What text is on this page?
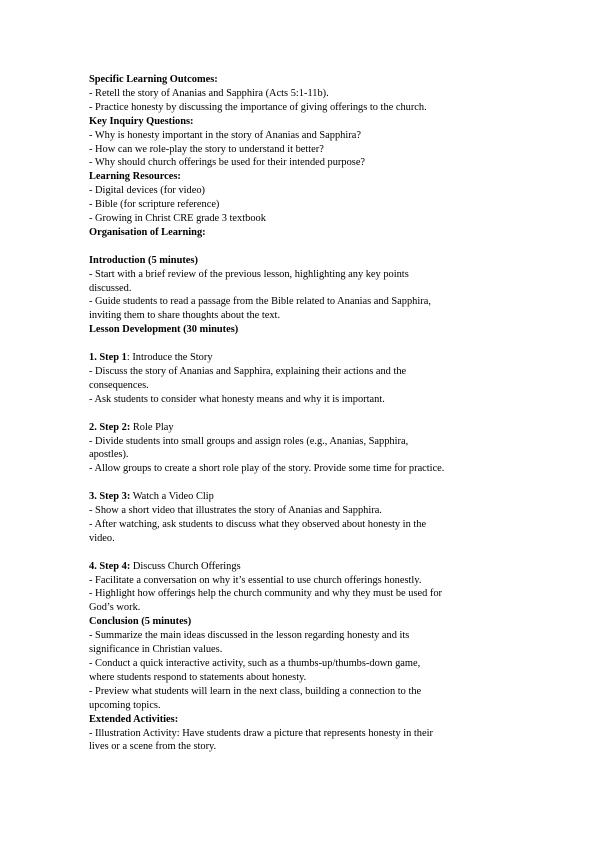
Specific Learning Outcomes:
- Retell the story of Ananias and Sapphira (Acts 5:1-11b).
- Practice honesty by discussing the importance of giving offerings to the church.
Key Inquiry Questions:
- Why is honesty important in the story of Ananias and Sapphira?
- How can we role-play the story to understand it better?
- Why should church offerings be used for their intended purpose?
Learning Resources:
- Digital devices (for video)
- Bible (for scripture reference)
- Growing in Christ CRE grade 3 textbook
Organisation of Learning:
Introduction (5 minutes)
- Start with a brief review of the previous lesson, highlighting any key points
discussed.
- Guide students to read a passage from the Bible related to Ananias and Sapphira,
inviting them to share thoughts about the text.
Lesson Development (30 minutes)
1. Step 1: Introduce the Story
- Discuss the story of Ananias and Sapphira, explaining their actions and the
consequences.
- Ask students to consider what honesty means and why it is important.
2. Step 2: Role Play
- Divide students into small groups and assign roles (e.g., Ananias, Sapphira,
apostles).
- Allow groups to create a short role play of the story. Provide some time for practice.
3. Step 3: Watch a Video Clip
- Show a short video that illustrates the story of Ananias and Sapphira.
- After watching, ask students to discuss what they observed about honesty in the
video.
4. Step 4: Discuss Church Offerings
- Facilitate a conversation on why it’s essential to use church offerings honestly.
- Highlight how offerings help the church community and why they must be used for
God’s work.
Conclusion (5 minutes)
- Summarize the main ideas discussed in the lesson regarding honesty and its
significance in Christian values.
- Conduct a quick interactive activity, such as a thumbs-up/thumbs-down game,
where students respond to statements about honesty.
- Preview what students will learn in the next class, building a connection to the
upcoming topics.
Extended Activities:
- Illustration Activity: Have students draw a picture that represents honesty in their
lives or a scene from the story.
